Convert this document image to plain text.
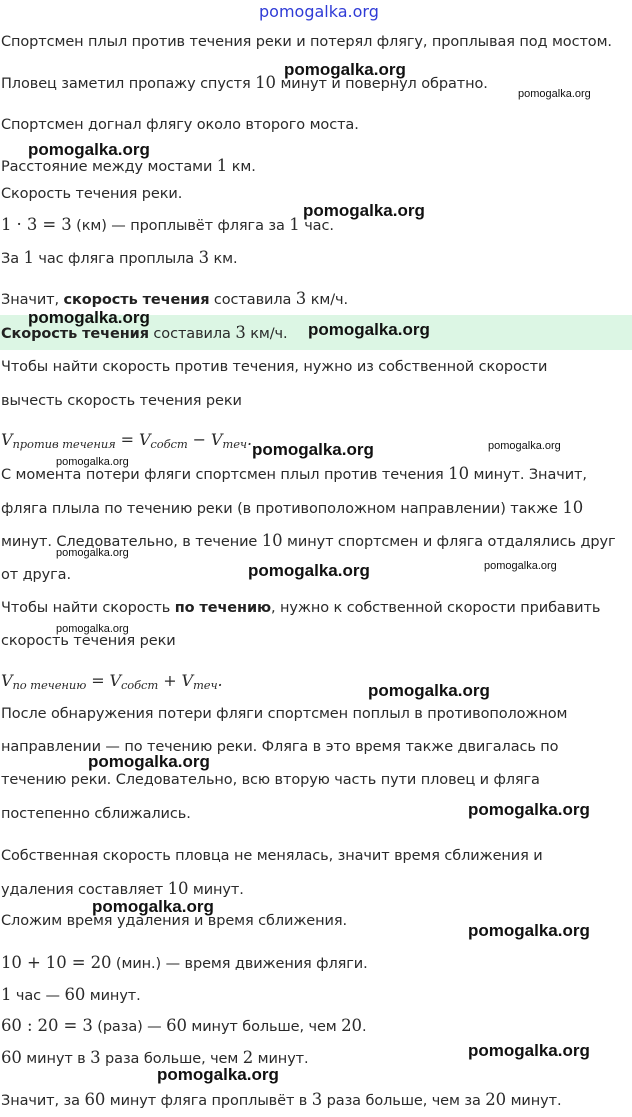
pomogalka.org
Спортсмен плыл против течения реки и потерял флягу, проплывая под мостом.
Пловец заметил пропажу спустя 10 минут и повернул обратно.
Спортсмен догнал флягу около второго моста.
Расстояние между мостами 1 км.
Скорость течения реки.
1 · 3 = 3 (км) — проплывёт фляга за 1 час.
За 1 час фляга проплыла 3 км.
Значит, скорость течения составила 3 км/ч.
Скорость течения составила 3 км/ч.
Чтобы найти скорость против течения, нужно из собственной скорости
вычесть скорость течения реки
$V_{против течения} = V_{собст} - V_{теч}$.
С момента потери фляги спортсмен плыл против течения 10 минут. Значит,
фляга плыла по течению реки (в противоположном направлении) также 10
минут. Следовательно, в течение 10 минут спортсмен и фляга отдалялись друг
от друга.
Чтобы найти скорость по течению, нужно к собственной скорости прибавить
скорость течения реки
$V_{по течению} = V_{собст} + V_{теч}$.
После обнаружения потери фляги спортсмен поплыл в противоположном
направлении — по течению реки. Фляга в это время также двигалась по
течению реки. Следовательно, всю вторую часть пути пловец и фляга
постепенно сближались.
Собственная скорость пловца не менялась, значит время сближения и
удаления составляет 10 минут.
Сложим время удаления и время сближения.
10 + 10 = 20 (мин.) — время движения фляги.
1 час — 60 минут.
60 : 20 = 3 (раза) — 60 минут больше, чем 20.
60 минут в 3 раза больше, чем 2 минут.
Значит, за 60 минут фляга проплывёт в 3 раза больше, чем за 20 минут.
pomogalka.org
pomogalka.org
pomogalka.org
pomogalka.org
pomogalka.org
pomogalka.org
pomogalka.org	pomogalka.org
pomogalka.org
pomogalka.org
pomogalka.org	pomogalka.org
pomogalka.org
pomogalka.org
pomogalka.org
pomogalka.org
pomogalka.org
pomogalka.org
pomogalka.org
pomogalka.org
